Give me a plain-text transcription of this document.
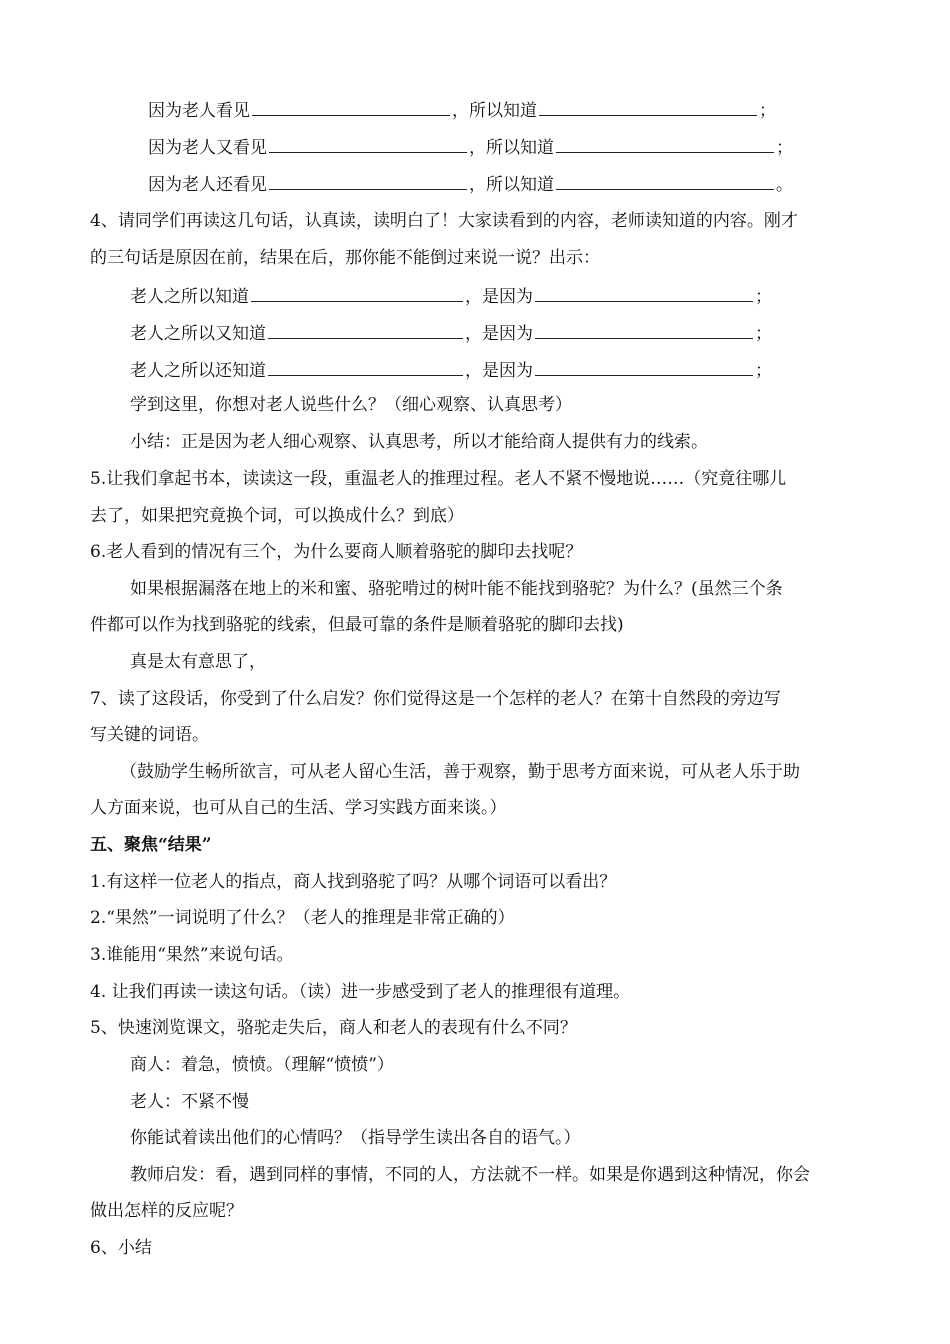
因为老人看见	，所以知道	；
因为老人又看见	，所以知道	；
因为老人还看见	，所以知道	。
4、请同学们再读这几句话，认真读，读明白了！大家读看到的内容，老师读知道的内容。刚才
的三句话是原因在前，结果在后，那你能不能倒过来说一说？出示：
老人之所以知道	，是因为	；
老人之所以又知道	，是因为	；
老人之所以还知道	，是因为	；
学到这里，你想对老人说些什么？（细心观察、认真思考）
小结：正是因为老人细心观察、认真思考，所以才能给商人提供有力的线索。
5.让我们拿起书本，读读这一段，重温老人的推理过程。老人不紧不慢地说……（究竟往哪儿
去了，如果把究竟换个词，可以换成什么？到底）
6.老人看到的情况有三个，为什么要商人顺着骆驼的脚印去找呢？
如果根据漏落在地上的米和蜜、骆驼啃过的树叶能不能找到骆驼？为什么？(虽然三个条
件都可以作为找到骆驼的线索，但最可靠的条件是顺着骆驼的脚印去找)
真是太有意思了，
7、读了这段话，你受到了什么启发？你们觉得这是一个怎样的老人？在第十自然段的旁边写
写关键的词语。
（鼓励学生畅所欲言，可从老人留心生活，善于观察，勤于思考方面来说，可从老人乐于助
人方面来说，也可从自己的生活、学习实践方面来谈。）
五、聚焦“结果”
1.有这样一位老人的指点，商人找到骆驼了吗？从哪个词语可以看出？
2.“果然”一词说明了什么？（老人的推理是非常正确的）
3.谁能用“果然”来说句话。
4. 让我们再读一读这句话。（读）进一步感受到了老人的推理很有道理。
5、快速浏览课文，骆驼走失后，商人和老人的表现有什么不同？
商人：着急，愤愤。（理解“愤愤”）
老人：不紧不慢
你能试着读出他们的心情吗？（指导学生读出各自的语气。）
教师启发：看，遇到同样的事情，不同的人，方法就不一样。如果是你遇到这种情况，你会
做出怎样的反应呢？
6、小结
